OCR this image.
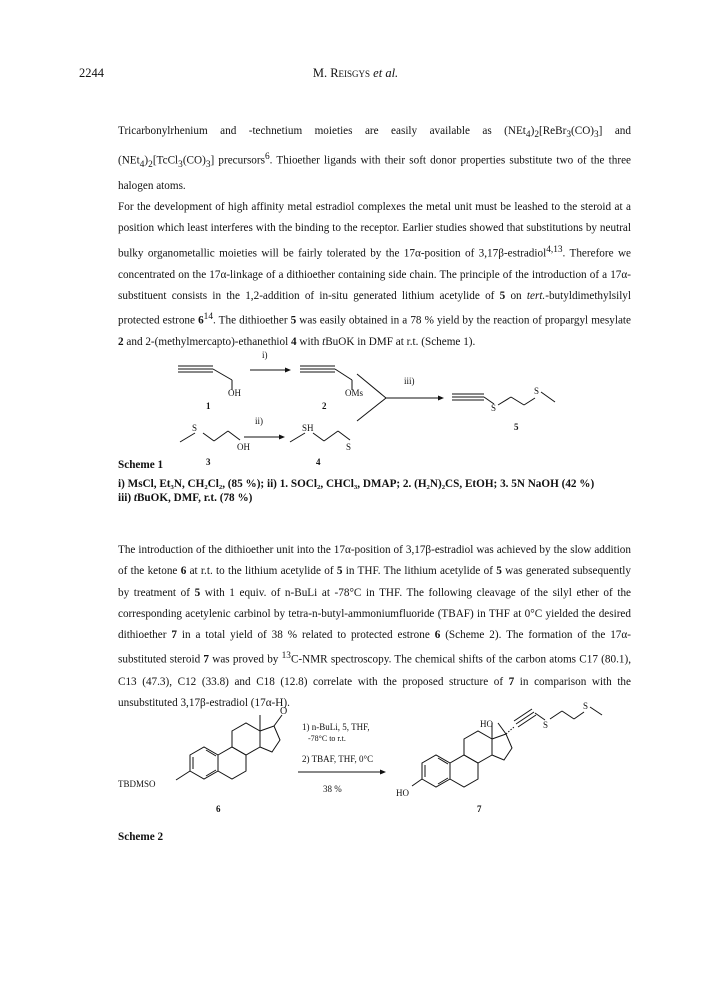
2244	M. Reisgys et al.

Tricarbonylrhenium and -technetium moieties are easily available as $(NEt_4)_2[ReBr_3(CO)_3]$ and $(NEt_4)_2[TcCl_3(CO)_3]$ precursors$^6$. Thioether ligands with their soft donor properties substitute two of the three halogen atoms.

For the development of high affinity metal estradiol complexes the metal unit must be leashed to the steroid at a position which least interferes with the binding to the receptor. Earlier studies showed that substitutions by neutral bulky organometallic moieties will be fairly tolerated by the 17α-position of 3,17β-estradiol$^{4,13}$. Therefore we concentrated on the 17α-linkage of a dithioether containing side chain. The principle of the introduction of a 17α-substituent consists in the 1,2-addition of in-situ generated lithium acetylide of 5 on tert.-butyldimethylsilyl protected estrone $6^{14}$. The dithioether 5 was easily obtained in a 78 % yield by the reaction of propargyl mesylate 2 and 2-(methylmercapto)-ethanethiol 4 with tBuOK in DMF at r.t. (Scheme 1).

OH
1
i)
OMs
2
S
OH
3
ii)
SH
S
4
iii)
S
S
5
Scheme 1
i) MsCl, Et₃N, CH₂Cl₂, (85 %); ii) 1. SOCl₂, CHCl₃, DMAP; 2. (H₂N)₂CS, EtOH; 3. 5N NaOH (42 %)
iii) tBuOK, DMF, r.t. (78 %)

The introduction of the dithioether unit into the 17α-position of 3,17β-estradiol was achieved by the slow addition of the ketone 6 at r.t. to the lithium acetylide of 5 in THF. The lithium acetylide of 5 was generated subsequently by treatment of 5 with 1 equiv. of n-BuLi at -78°C in THF. The following cleavage of the silyl ether of the corresponding acetylenic carbinol by tetra-n-butyl-ammoniumfluoride (TBAF) in THF at 0°C yielded the desired dithioether 7 in a total yield of 38 % related to protected estrone 6 (Scheme 2). The formation of the 17α-substituted steroid 7 was proved by $^{13}$C-NMR spectroscopy. The chemical shifts of the carbon atoms C17 (80.1), C13 (47.3), C12 (33.8) and C18 (12.8) correlate with the proposed structure of 7 in comparison with the unsubstituted 3,17β-estradiol (17α-H).

O
TBDMSO
6
1) n-BuLi, 5, THF,
-78°C to r.t.
2) TBAF, THF, 0°C
38 %
HO	S
S
HO
7
Scheme 2
